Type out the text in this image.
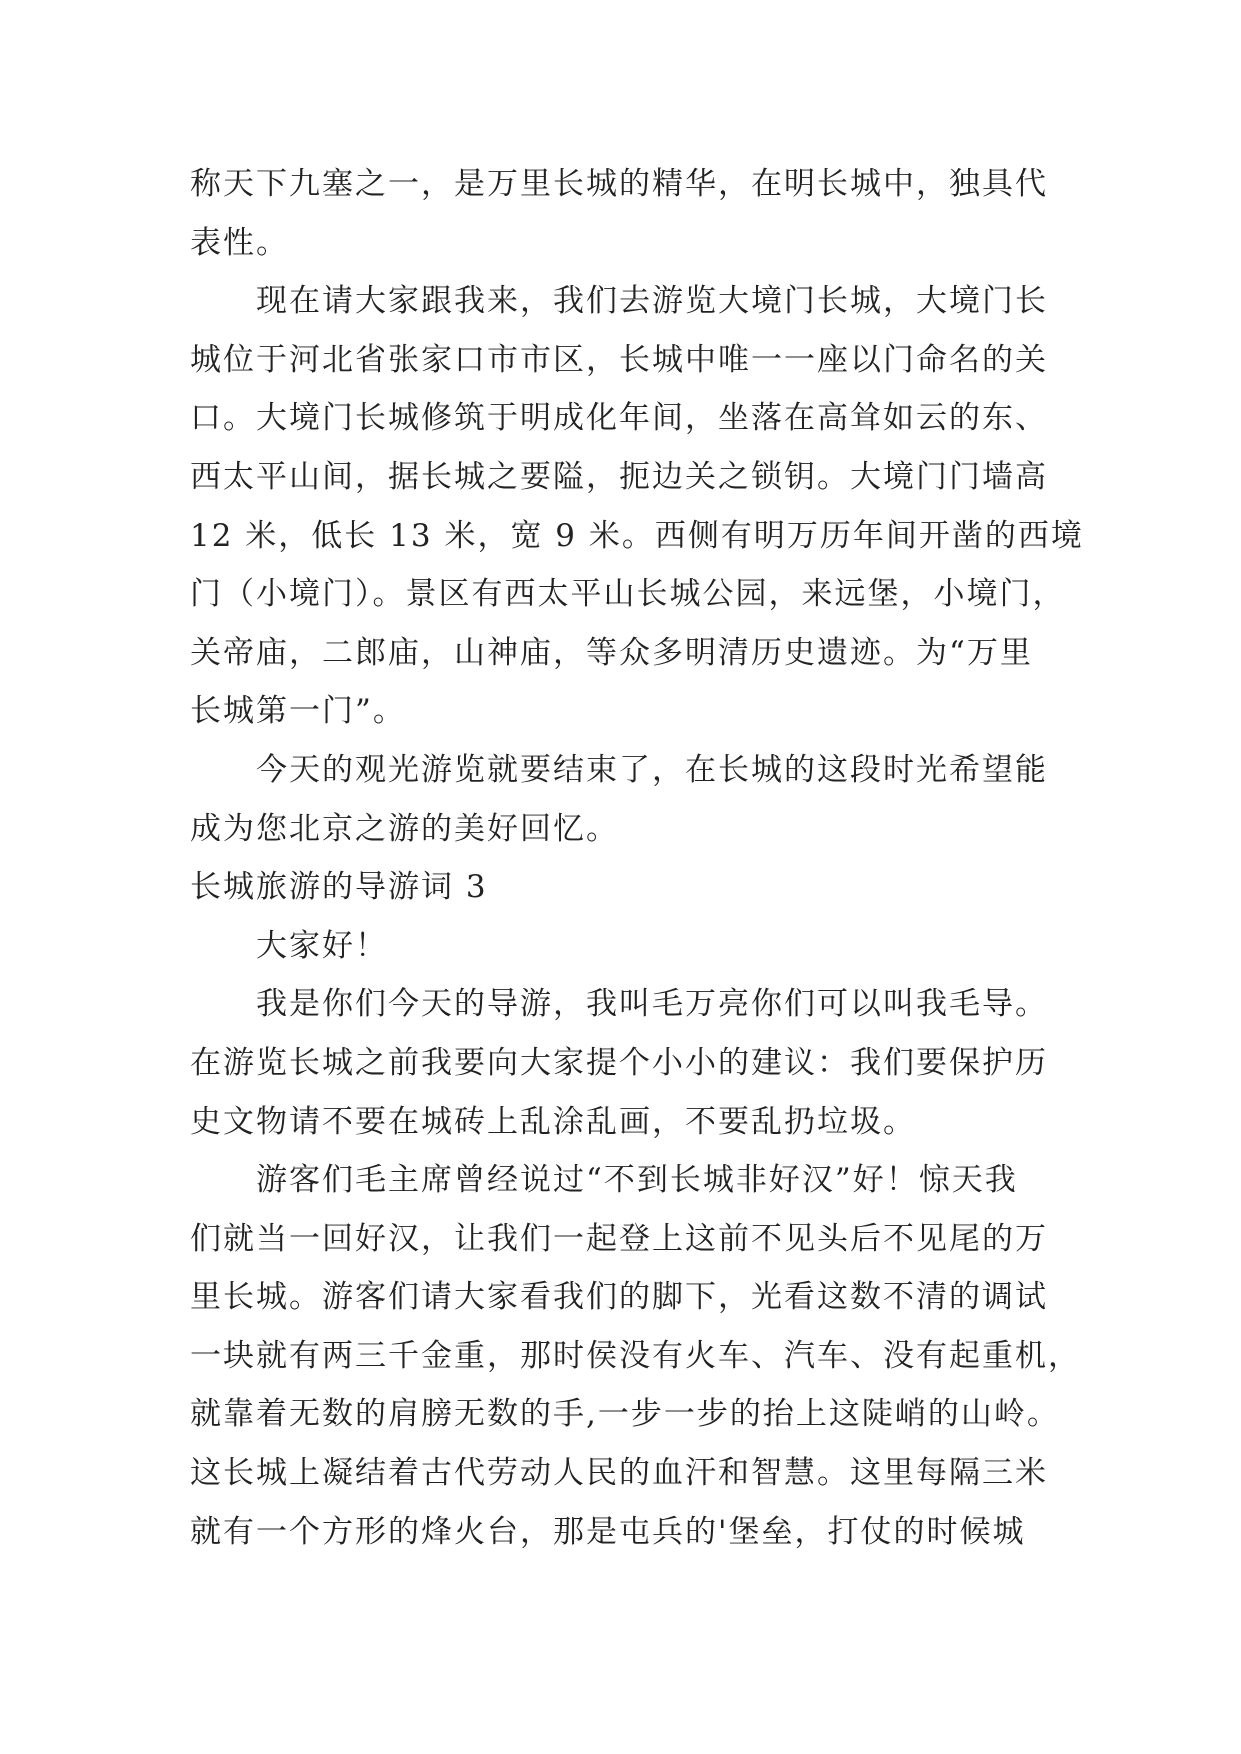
称天下九塞之一，是万里长城的精华，在明长城中，独具代
表性。
现在请大家跟我来，我们去游览大境门长城，大境门长
城位于河北省张家口市市区，长城中唯一一座以门命名的关
口。大境门长城修筑于明成化年间，坐落在高耸如云的东、
西太平山间，据长城之要隘，扼边关之锁钥。大境门门墙高
12 米，低长 13 米，宽 9 米。西侧有明万历年间开凿的西境
门（小境门）。景区有西太平山长城公园，来远堡，小境门，
关帝庙，二郎庙，山神庙，等众多明清历史遗迹。为“万里
长城第一门”。
今天的观光游览就要结束了，在长城的这段时光希望能
成为您北京之游的美好回忆。
长城旅游的导游词 3
大家好！
我是你们今天的导游，我叫毛万亮你们可以叫我毛导。
在游览长城之前我要向大家提个小小的建议：我们要保护历
史文物请不要在城砖上乱涂乱画，不要乱扔垃圾。
游客们毛主席曾经说过“不到长城非好汉”好！惊天我
们就当一回好汉，让我们一起登上这前不见头后不见尾的万
里长城。游客们请大家看我们的脚下，光看这数不清的调试
一块就有两三千金重，那时侯没有火车、汽车、没有起重机，
就靠着无数的肩膀无数的手,一步一步的抬上这陡峭的山岭。
这长城上凝结着古代劳动人民的血汗和智慧。这里每隔三米
就有一个方形的烽火台，那是屯兵的'堡垒，打仗的时候城
